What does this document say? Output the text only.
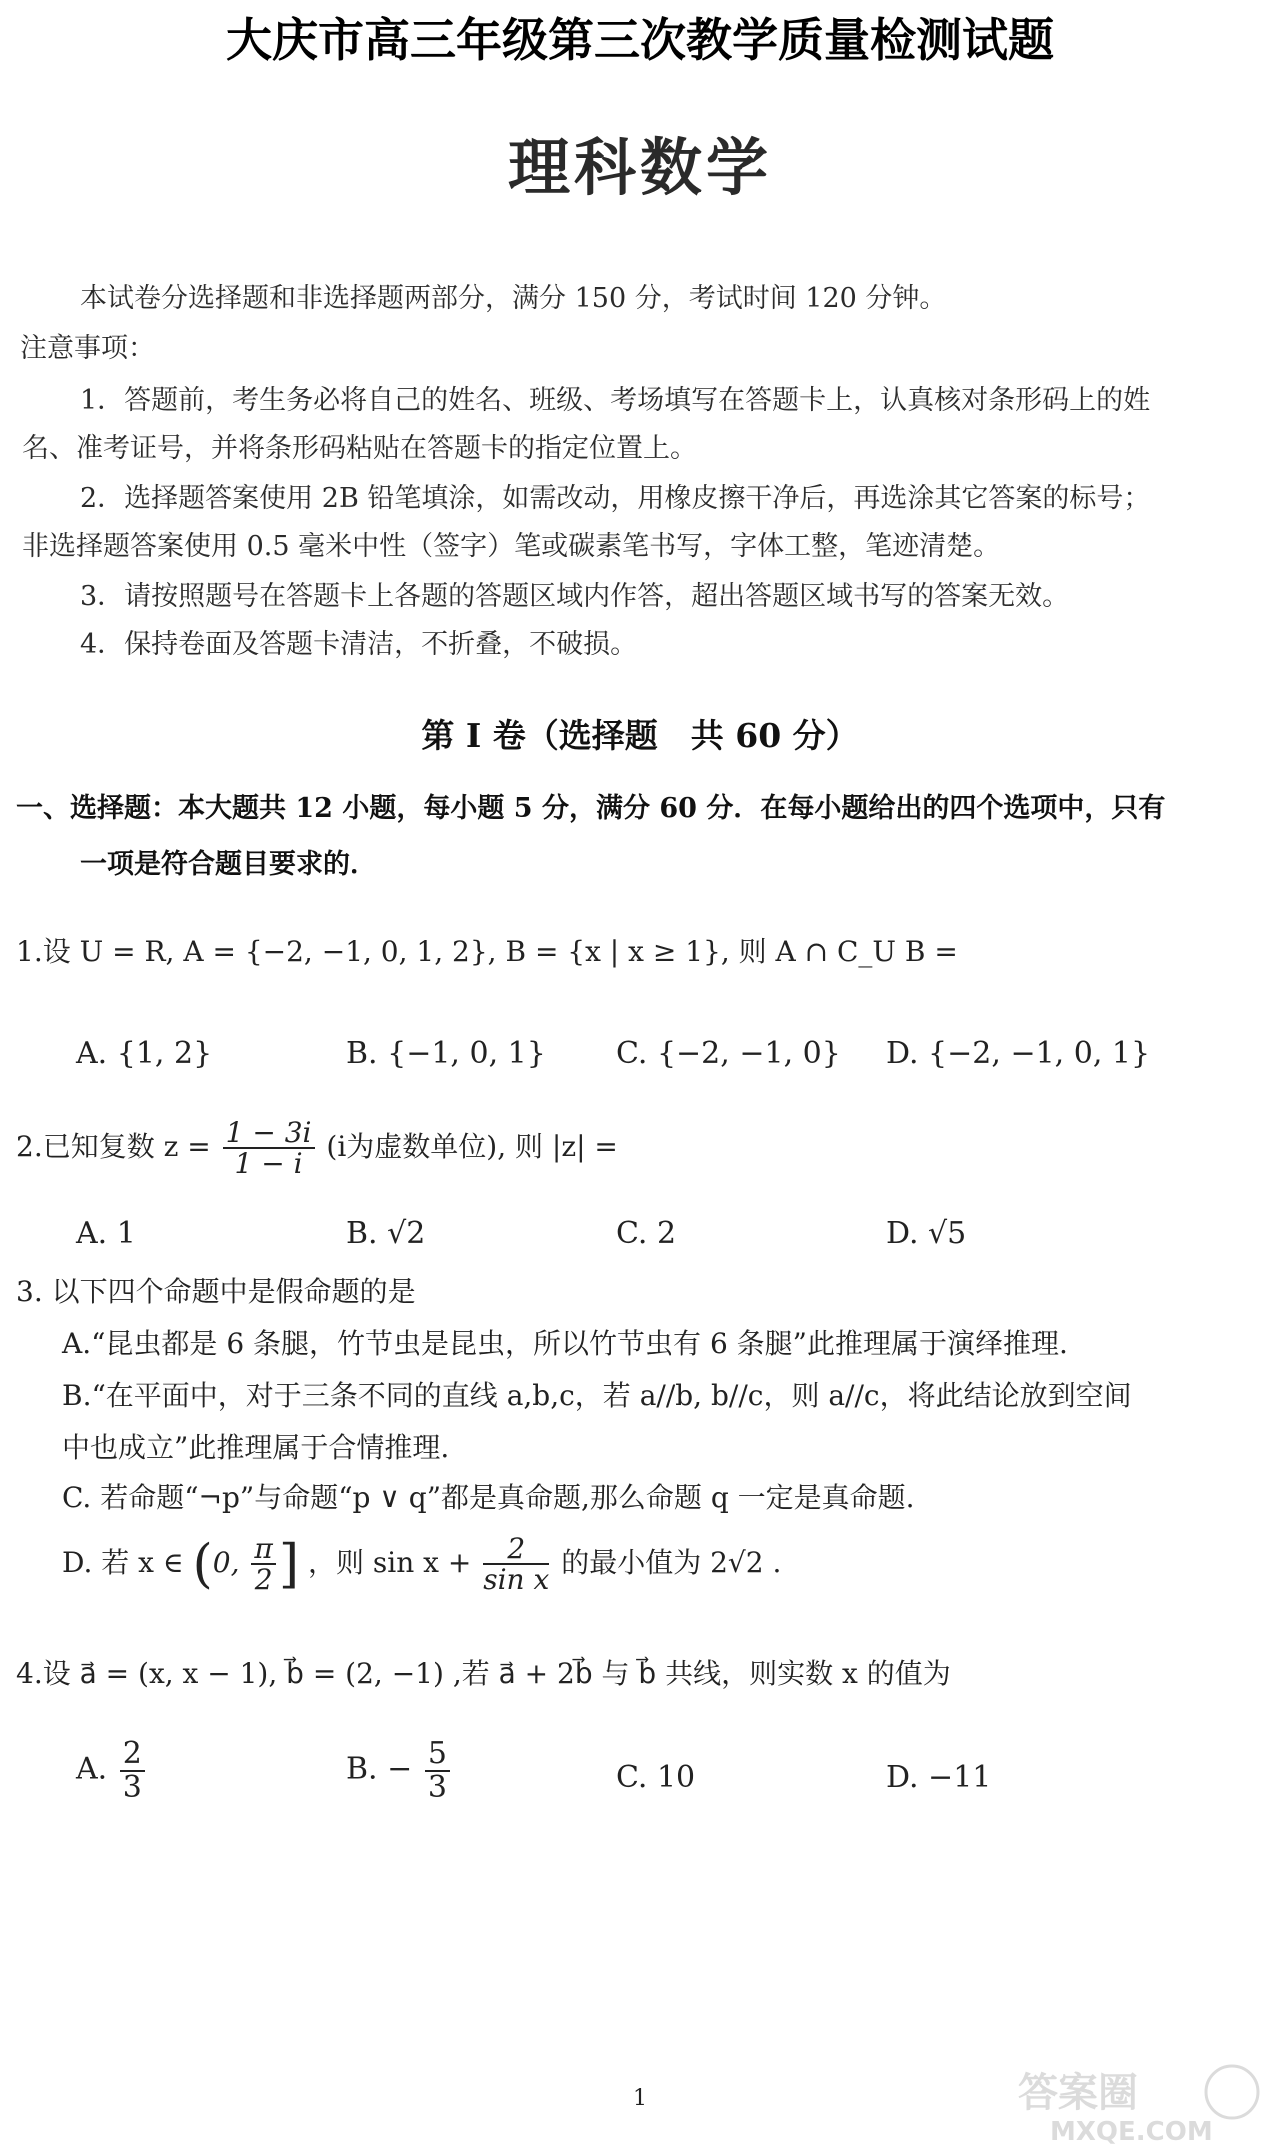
大庆市高三年级第三次教学质量检测试题
理科数学
本试卷分选择题和非选择题两部分，满分 150 分，考试时间 120 分钟。
注意事项：
1．答题前，考生务必将自己的姓名、班级、考场填写在答题卡上，认真核对条形码上的姓
名、准考证号，并将条形码粘贴在答题卡的指定位置上。
2．选择题答案使用 2B 铅笔填涂，如需改动，用橡皮擦干净后，再选涂其它答案的标号；
非选择题答案使用 0.5 毫米中性（签字）笔或碳素笔书写，字体工整，笔迹清楚。
3．请按照题号在答题卡上各题的答题区域内作答，超出答题区域书写的答案无效。
4．保持卷面及答题卡清洁，不折叠，不破损。
第 I 卷（选择题　共 60 分）
一、选择题：本大题共 12 小题，每小题 5 分，满分 60 分．在每小题给出的四个选项中，只有
一项是符合题目要求的．
1.设 U = R, A = {−2, −1, 0, 1, 2}, B = {x | x ≥ 1}, 则 A ∩ C_U B =
A. {1, 2}	B. {−1, 0, 1} C. {−2, −1, 0} D. {−2, −1, 0, 1}
2.已知复数 $z = \frac{1 - 3i}{1 - i} (i$为虚数单位), 则 |z| =
A. 1	B. √2	C. 2	D. √5
3. 以下四个命题中是假命题的是
A.“昆虫都是 6 条腿，竹节虫是昆虫，所以竹节虫有 6 条腿”此推理属于演绎推理.
B.“在平面中，对于三条不同的直线 a,b,c，若 a//b, b//c，则 a//c，将此结论放到空间
中也成立”此推理属于合情推理.
C. 若命题“¬p”与命题“p ∨ q”都是真命题,那么命题 q 一定是真命题.
D. 若 x ∈ (0, $\frac{\pi}{2}$ ] ，则 $\sin x + \frac{2}{\text{sin x}}$ 的最小值为 2√2 .
4.设 a⃗ = (x, x − 1), b⃗ = (2, −1) ,若 a⃗ + 2b⃗ 与 b⃗ 共线，则实数 x 的值为
A. $\frac{2}{3}$	B. − $\frac{5}{3}$	C. 10	D. −11
1	答案圈
MXQE.COM
